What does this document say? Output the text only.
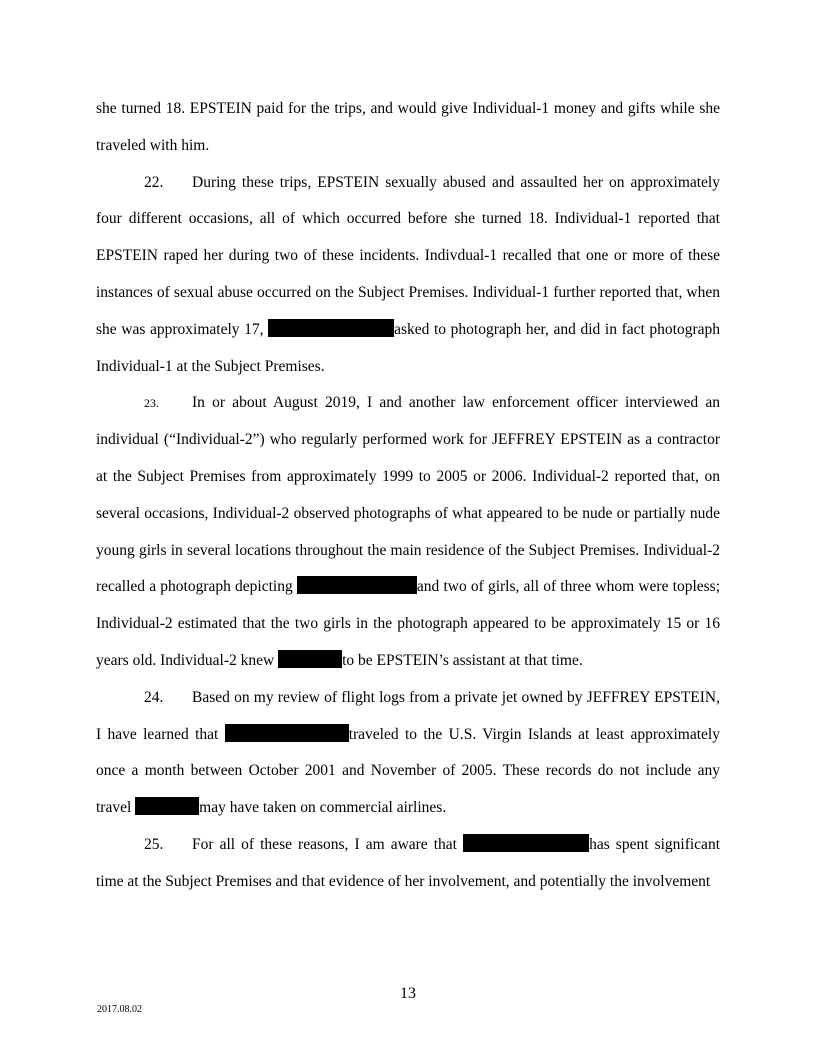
she turned 18. EPSTEIN paid for the trips, and would give Individual-1 money and gifts while she traveled with him.

22. During these trips, EPSTEIN sexually abused and assaulted her on approximately four different occasions, all of which occurred before she turned 18. Individual-1 reported that EPSTEIN raped her during two of these incidents. Indivdual-1 recalled that one or more of these instances of sexual abuse occurred on the Subject Premises. Individual-1 further reported that, when she was approximately 17,	asked to photograph her, and did in fact photograph Individual-1 at the Subject Premises.

23. In or about August 2019, I and another law enforcement officer interviewed an individual (“Individual-2”) who regularly performed work for JEFFREY EPSTEIN as a contractor at the Subject Premises from approximately 1999 to 2005 or 2006. Individual-2 reported that, on several occasions, Individual-2 observed photographs of what appeared to be nude or partially nude young girls in several locations throughout the main residence of the Subject Premises. Individual-2 recalled a photograph depicting	and two of girls, all of three whom were topless; Individual-2 estimated that the two girls in the photograph appeared to be approximately 15 or 16 years old. Individual-2 knew	to be EPSTEIN’s assistant at that time.

24. Based on my review of flight logs from a private jet owned by JEFFREY EPSTEIN, I have learned that	traveled to the U.S. Virgin Islands at least approximately once a month between October 2001 and November of 2005. These records do not include any travel	may have taken on commercial airlines.

25. For all of these reasons, I am aware that	has spent significant time at the Subject Premises and that evidence of her involvement, and potentially the involvement

13
2017.08.02
